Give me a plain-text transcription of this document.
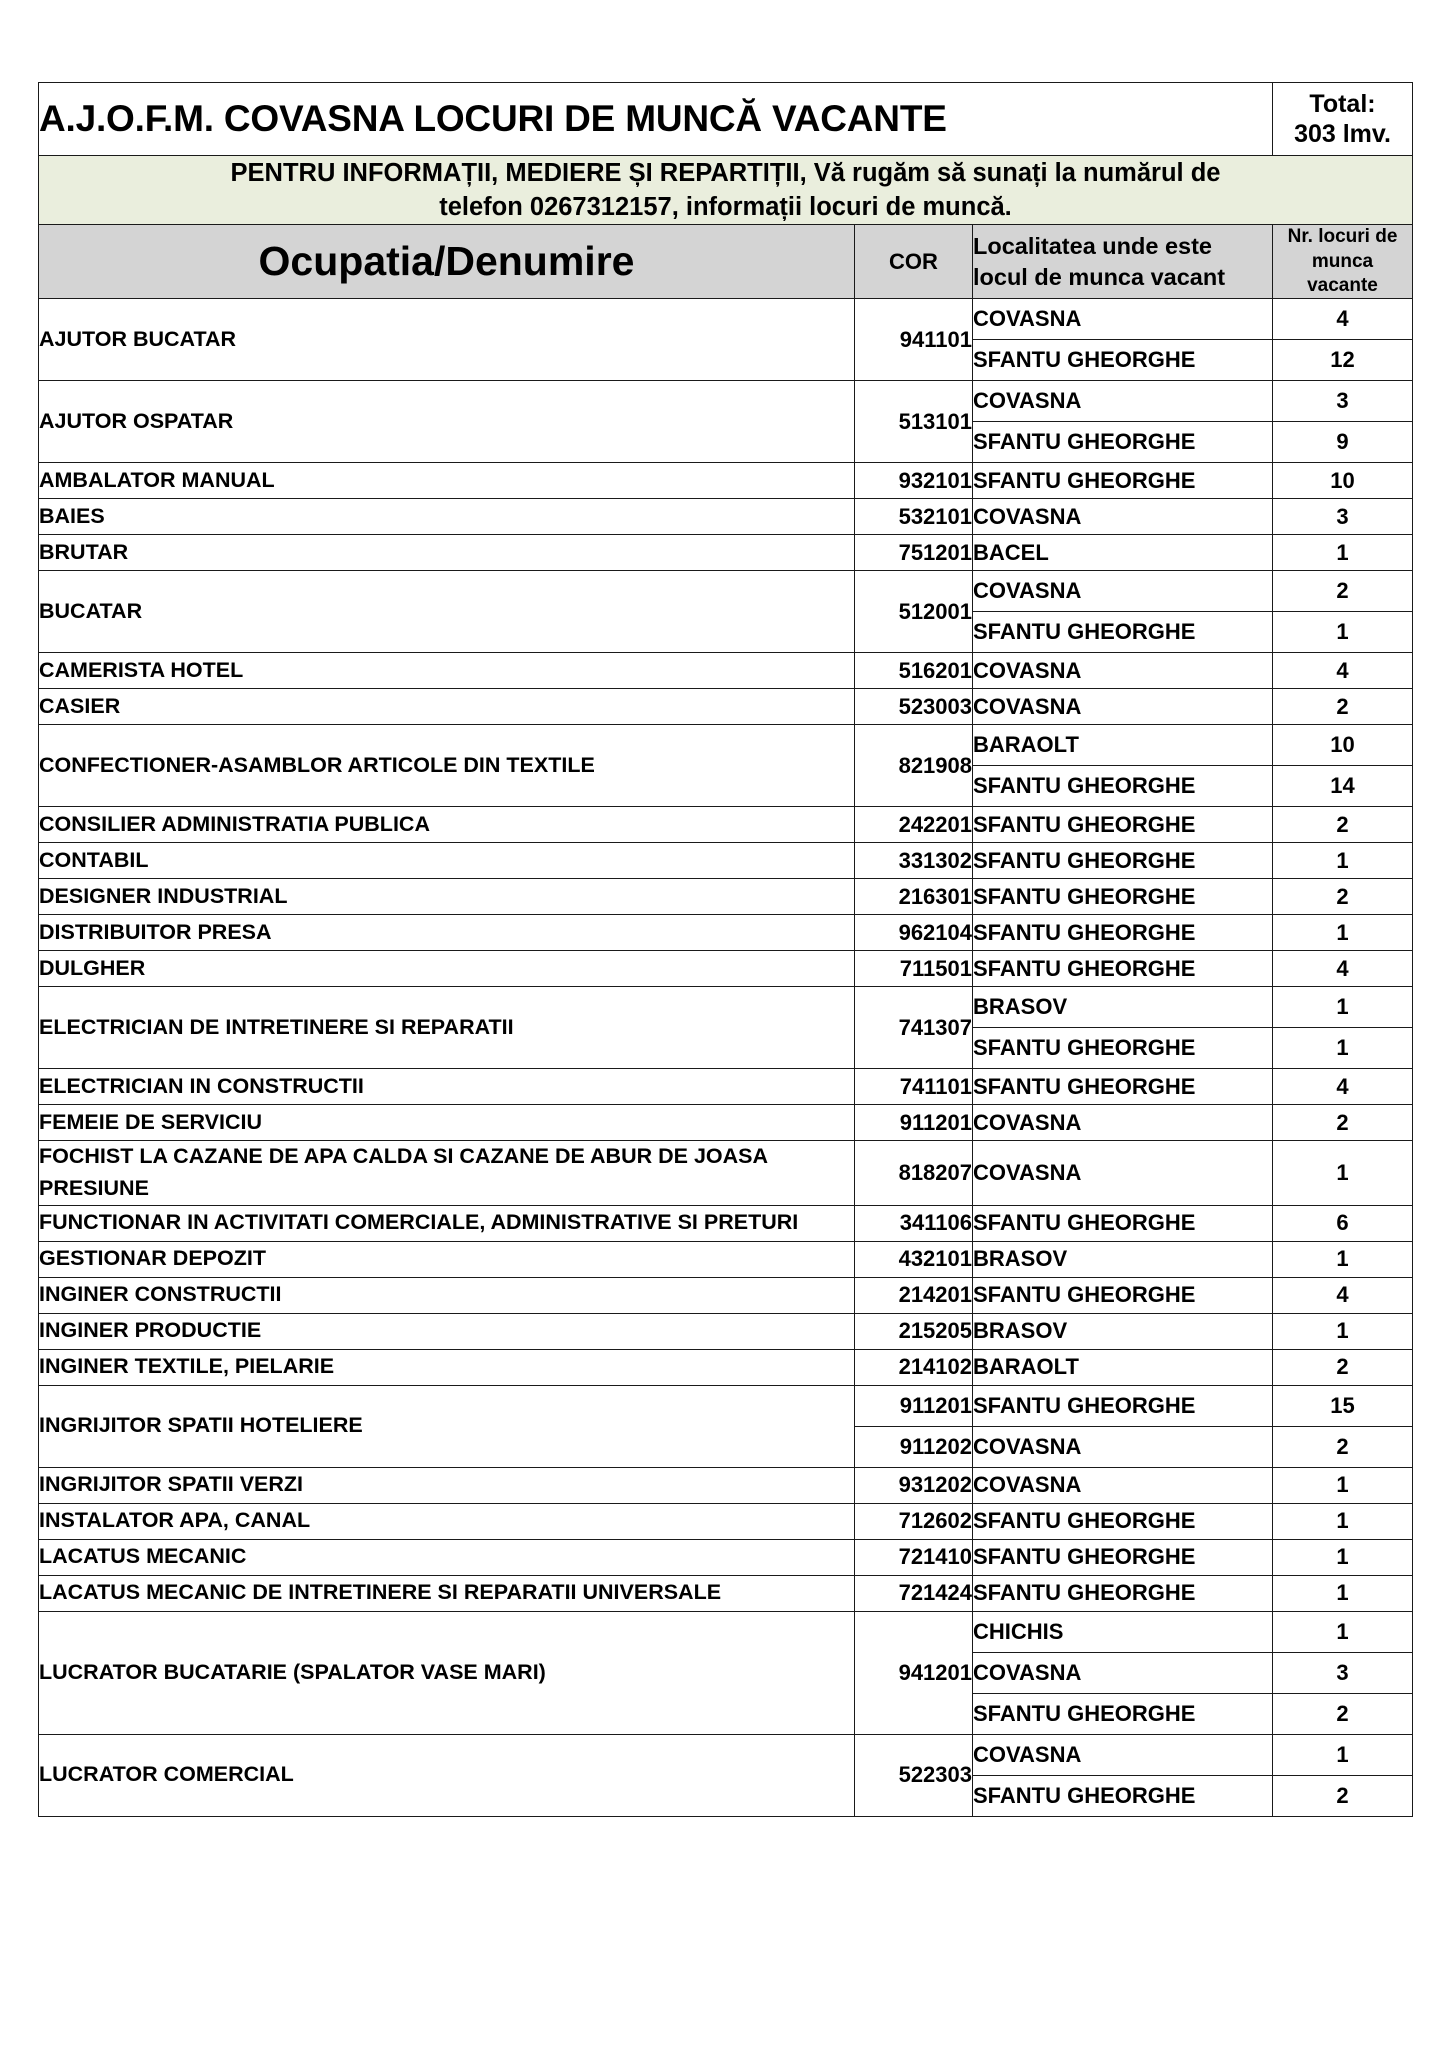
A.J.O.F.M. COVASNA LOCURI DE MUNCĂ VACANTE			Total:
303 lmv.

PENTRU INFORMAȚII, MEDIERE ȘI REPARTIȚII, Vă rugăm să sunați la numărul de
telefon 0267312157, informații locuri de muncă.			
Ocupatia/Denumire	COR	Localitatea unde este
locul de munca vacant	Nr. locuri de
munca
vacante
AJUTOR BUCATAR	941101	COVASNA	4
		SFANTU GHEORGHE	12
AJUTOR OSPATAR	513101	COVASNA	3
		SFANTU GHEORGHE	9
AMBALATOR MANUAL	932101	SFANTU GHEORGHE	10
BAIES	532101	COVASNA	3
BRUTAR	751201	BACEL	1
BUCATAR	512001	COVASNA	2
		SFANTU GHEORGHE	1
CAMERISTA HOTEL	516201	COVASNA	4
CASIER	523003	COVASNA	2
CONFECTIONER-ASAMBLOR ARTICOLE DIN TEXTILE	821908	BARAOLT	10
		SFANTU GHEORGHE	14
CONSILIER ADMINISTRATIA PUBLICA	242201	SFANTU GHEORGHE	2
CONTABIL	331302	SFANTU GHEORGHE	1
DESIGNER INDUSTRIAL	216301	SFANTU GHEORGHE	2
DISTRIBUITOR PRESA	962104	SFANTU GHEORGHE	1
DULGHER	711501	SFANTU GHEORGHE	4
ELECTRICIAN DE INTRETINERE SI REPARATII	741307	BRASOV	1
		SFANTU GHEORGHE	1
ELECTRICIAN IN CONSTRUCTII	741101	SFANTU GHEORGHE	4
FEMEIE DE SERVICIU	911201	COVASNA	2
FOCHIST LA CAZANE DE APA CALDA SI CAZANE DE ABUR DE JOASA PRESIUNE	818207	COVASNA	1
FUNCTIONAR IN ACTIVITATI COMERCIALE, ADMINISTRATIVE SI PRETURI	341106	SFANTU GHEORGHE	6
GESTIONAR DEPOZIT	432101	BRASOV	1
INGINER CONSTRUCTII	214201	SFANTU GHEORGHE	4
INGINER PRODUCTIE	215205	BRASOV	1
INGINER TEXTILE, PIELARIE	214102	BARAOLT	2
INGRIJITOR SPATII HOTELIERE	911201	SFANTU GHEORGHE	15
	911202	COVASNA	2
INGRIJITOR SPATII VERZI	931202	COVASNA	1
INSTALATOR APA, CANAL	712602	SFANTU GHEORGHE	1
LACATUS MECANIC	721410	SFANTU GHEORGHE	1
LACATUS MECANIC DE INTRETINERE SI REPARATII UNIVERSALE	721424	SFANTU GHEORGHE	1
LUCRATOR BUCATARIE (SPALATOR VASE MARI)	941201	CHICHIS	1
		COVASNA	3
		SFANTU GHEORGHE	2
LUCRATOR COMERCIAL	522303	COVASNA	1
		SFANTU GHEORGHE	2
